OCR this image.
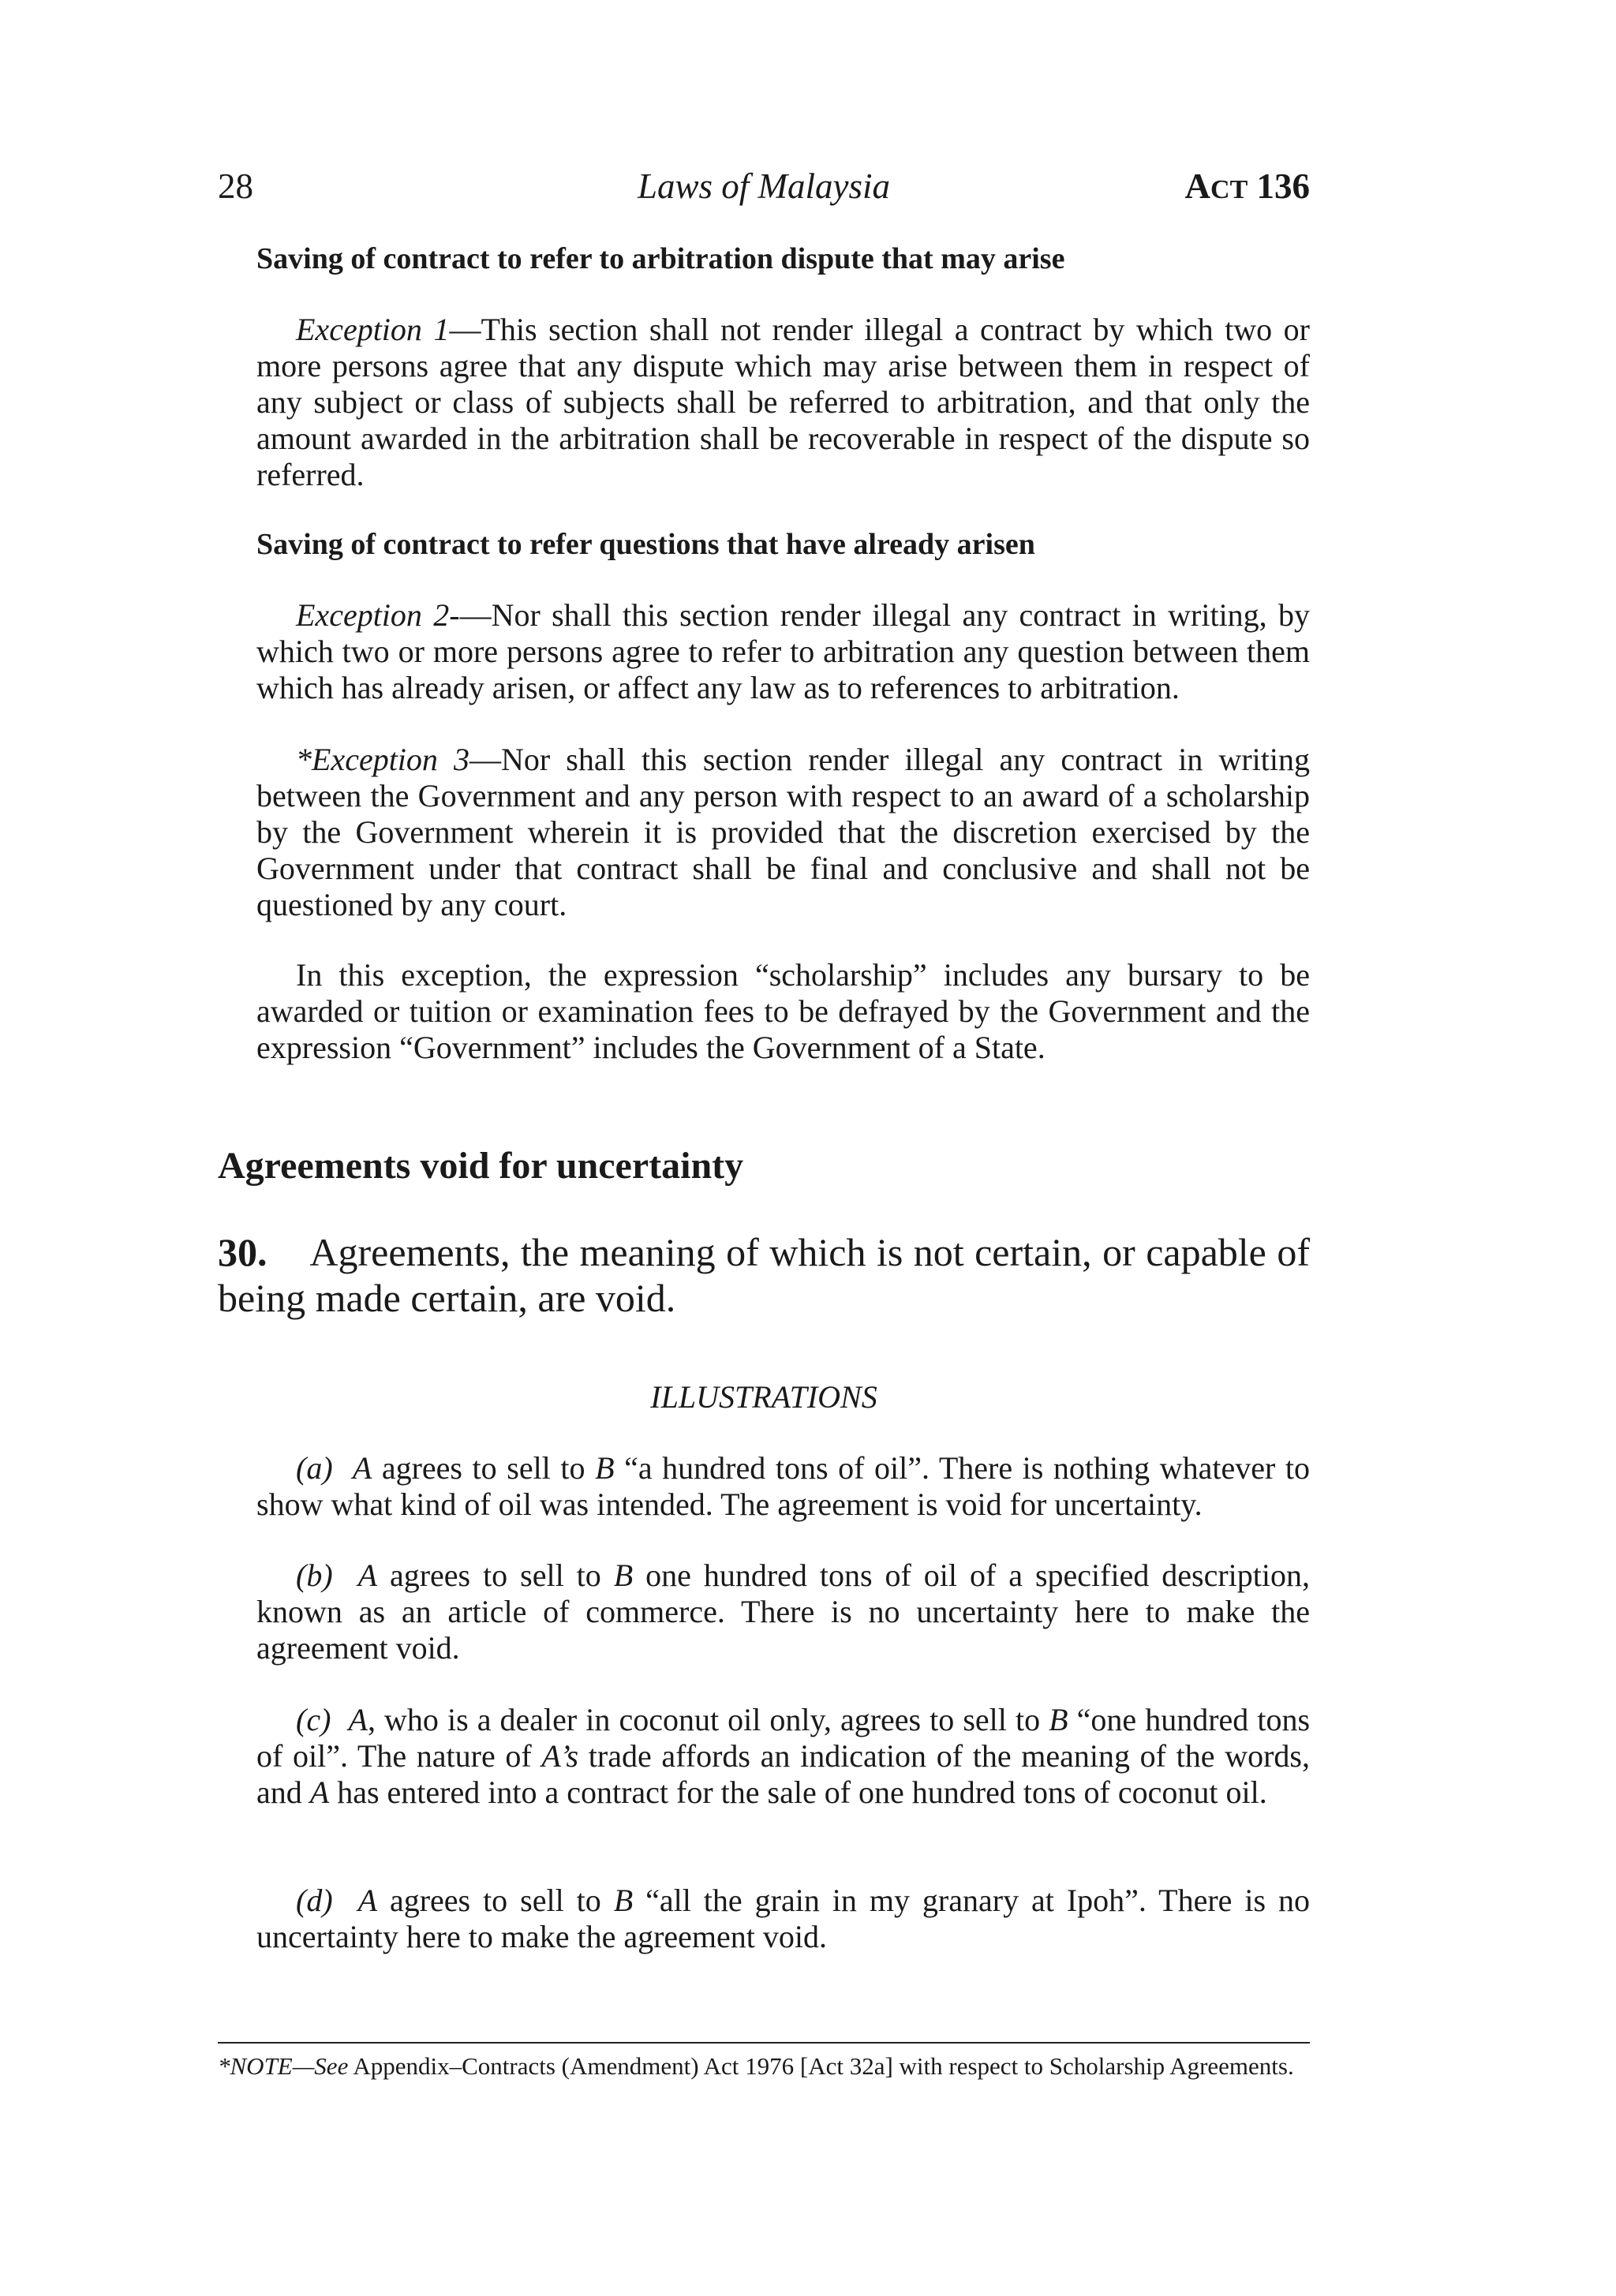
28	Laws of Malaysia	ACT 136
Saving of contract to refer to arbitration dispute that may arise

Exception 1—This section shall not render illegal a contract by which two or more persons agree that any dispute which may arise between them in respect of any subject or class of subjects shall be referred to arbitration, and that only the amount awarded in the arbitration shall be recoverable in respect of the dispute so referred.

Saving of contract to refer questions that have already arisen

Exception 2-—Nor shall this section render illegal any contract in writing, by which two or more persons agree to refer to arbitration any question between them which has already arisen, or affect any law as to references to arbitration.

*Exception 3—Nor shall this section render illegal any contract in writing between the Government and any person with respect to an award of a scholarship by the Government wherein it is provided that the discretion exercised by the Government under that contract shall be final and conclusive and shall not be questioned by any court.

In this exception, the expression “scholarship” includes any bursary to be awarded or tuition or examination fees to be defrayed by the Government and the expression “Government” includes the Government of a State.

Agreements void for uncertainty

30. Agreements, the meaning of which is not certain, or capable of being made certain, are void.

ILLUSTRATIONS

(a) A agrees to sell to B “a hundred tons of oil”. There is nothing whatever to show what kind of oil was intended. The agreement is void for uncertainty.

(b) A agrees to sell to B one hundred tons of oil of a specified description, known as an article of commerce. There is no uncertainty here to make the agreement void.

(c) A, who is a dealer in coconut oil only, agrees to sell to B “one hundred tons of oil”. The nature of A’s trade affords an indication of the meaning of the words, and A has entered into a contract for the sale of one hundred tons of coconut oil.

(d) A agrees to sell to B “all the grain in my granary at Ipoh”. There is no uncertainty here to make the agreement void.

*NOTE—See Appendix–Contracts (Amendment) Act 1976 [Act 32a] with respect to Scholarship Agreements.
